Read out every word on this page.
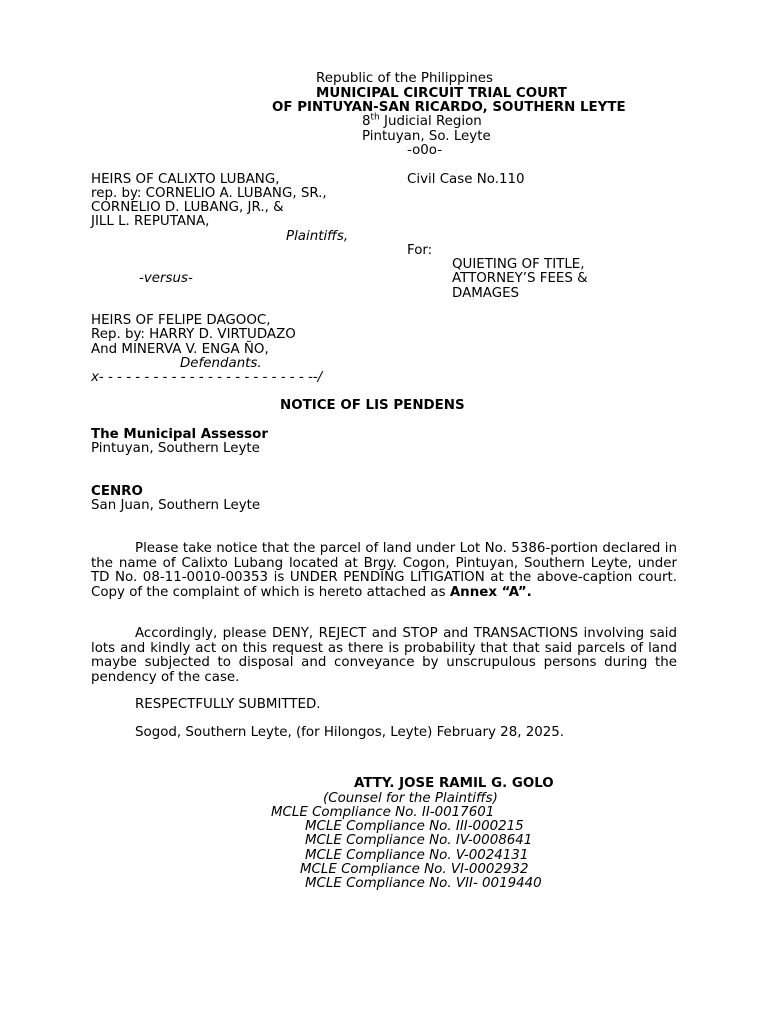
Republic of the Philippines
MUNICIPAL CIRCUIT TRIAL COURT
OF PINTUYAN-SAN RICARDO, SOUTHERN LEYTE
8th Judicial Region
Pintuyan, So. Leyte
-o0o-
HEIRS OF CALIXTO LUBANG,
rep. by: CORNELIO A. LUBANG, SR.,
CORNELIO D. LUBANG, JR., &
JILL L. REPUTANA,
Plaintiffs,
Civil Case No.110
For:
QUIETING OF TITLE,
ATTORNEY’S FEES &
DAMAGES
-versus-
HEIRS OF FELIPE DAGOOC,
Rep. by: HARRY D. VIRTUDAZO
And MINERVA V. ENGA ÑO,
Defendants.
x- - - - - - - - - - - - - - - - - - - - - - - --/
NOTICE OF LIS PENDENS
The Municipal Assessor
Pintuyan, Southern Leyte
CENRO
San Juan, Southern Leyte
Please take notice that the parcel of land under Lot No. 5386-portion declared in the name of Calixto Lubang located at Brgy. Cogon, Pintuyan, Southern Leyte, under TD No. 08-11-0010-00353 is UNDER PENDING LITIGATION at the above-caption court. Copy of the complaint of which is hereto attached as Annex “A”.
Accordingly, please DENY, REJECT and STOP and TRANSACTIONS involving said lots and kindly act on this request as there is probability that that said parcels of land maybe subjected to disposal and conveyance by unscrupulous persons during the pendency of the case.
RESPECTFULLY SUBMITTED.
Sogod, Southern Leyte, (for Hilongos, Leyte) February 28, 2025.
ATTY. JOSE RAMIL G. GOLO
(Counsel for the Plaintiffs)
MCLE Compliance No. II-0017601
MCLE Compliance No. III-000215
MCLE Compliance No. IV-0008641
MCLE Compliance No. V-0024131
MCLE Compliance No. VI-0002932
MCLE Compliance No. VII- 0019440
